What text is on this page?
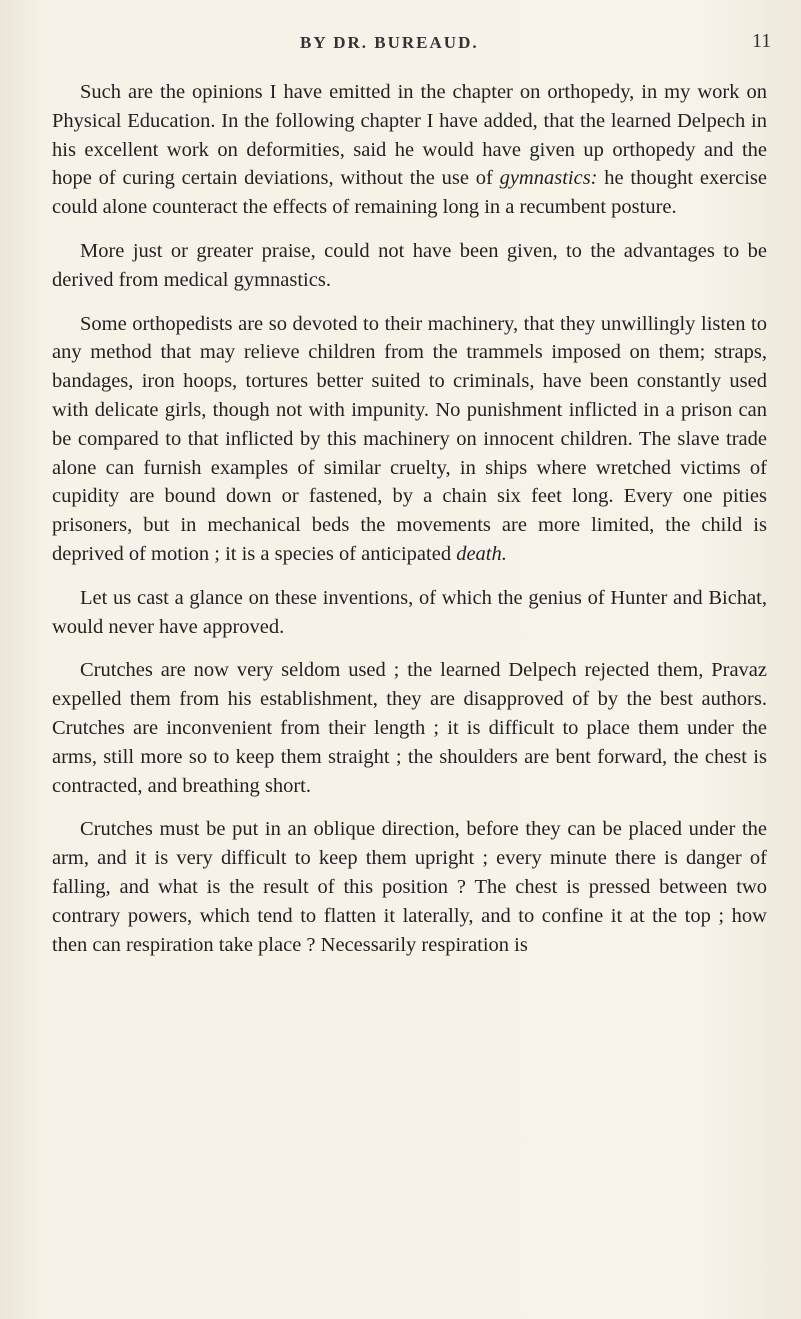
BY DR. BUREAUD.	11

Such are the opinions I have emitted in the chapter on orthopedy, in my work on Physical Education. In the following chapter I have added, that the learned Delpech in his excellent work on deformities, said he would have given up orthopedy and the hope of curing certain deviations, without the use of gymnastics: he thought exercise could alone counteract the effects of remaining long in a recumbent posture.

More just or greater praise, could not have been given, to the advantages to be derived from medical gymnastics.

Some orthopedists are so devoted to their machinery, that they unwillingly listen to any method that may relieve children from the trammels imposed on them; straps, bandages, iron hoops, tortures better suited to criminals, have been constantly used with delicate girls, though not with impunity. No punishment inflicted in a prison can be compared to that inflicted by this machinery on innocent children. The slave trade alone can furnish examples of similar cruelty, in ships where wretched victims of cupidity are bound down or fastened, by a chain six feet long. Every one pities prisoners, but in mechanical beds the movements are more limited, the child is deprived of motion ; it is a species of anticipated death.

Let us cast a glance on these inventions, of which the genius of Hunter and Bichat, would never have approved.

Crutches are now very seldom used ; the learned Delpech rejected them, Pravaz expelled them from his establishment, they are disapproved of by the best authors. Crutches are inconvenient from their length ; it is difficult to place them under the arms, still more so to keep them straight ; the shoulders are bent forward, the chest is contracted, and breathing short.

Crutches must be put in an oblique direction, before they can be placed under the arm, and it is very difficult to keep them upright ; every minute there is danger of falling, and what is the result of this position ? The chest is pressed between two contrary powers, which tend to flatten it laterally, and to confine it at the top ; how then can respiration take place ? Necessarily respiration is
